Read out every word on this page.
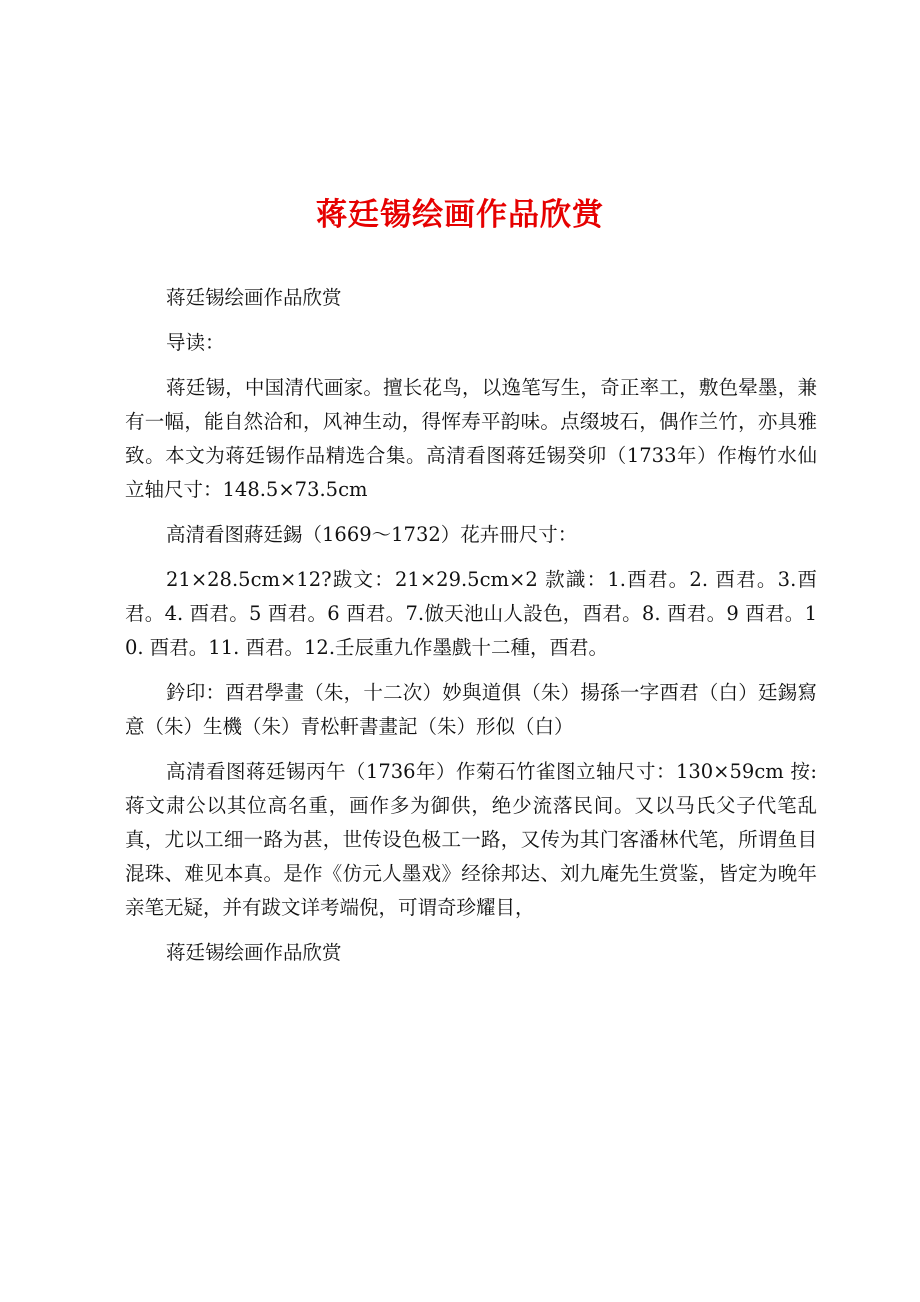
蒋廷锡绘画作品欣赏

蒋廷锡绘画作品欣赏

导读：

蒋廷锡，中国清代画家。擅长花鸟，以逸笔写生，奇正率工，敷色晕墨，兼有一幅，能自然洽和，风神生动，得恽寿平韵味。点缀坡石，偶作兰竹，亦具雅致。本文为蒋廷锡作品精选合集。高清看图蒋廷锡癸卯（1733年）作梅竹水仙立轴尺寸：148.5×73.5cm

高清看图蔣廷錫（1669～1732）花卉冊尺寸：

21×28.5cm×12?跋文：21×29.5cm×2 款識：1.酉君。2. 酉君。3.酉君。4. 酉君。5 酉君。6 酉君。7.倣天池山人設色，酉君。8. 酉君。9 酉君。10. 酉君。11. 酉君。12.壬辰重九作墨戲十二種，酉君。

鈐印：酉君學畫（朱，十二次）妙與道俱（朱）揚孫一字酉君（白）廷錫寫意（朱）生機（朱）青松軒書畫記（朱）形似（白）

高清看图蒋廷锡丙午（1736年）作菊石竹雀图立轴尺寸：130×59cm 按: 蒋文肃公以其位高名重，画作多为御供，绝少流落民间。又以马氏父子代笔乱真，尤以工细一路为甚，世传设色极工一路，又传为其门客潘林代笔，所谓鱼目混珠、难见本真。是作《仿元人墨戏》经徐邦达、刘九庵先生赏鉴，皆定为晚年亲笔无疑，并有跋文详考端倪，可谓奇珍耀目，

蒋廷锡绘画作品欣赏
